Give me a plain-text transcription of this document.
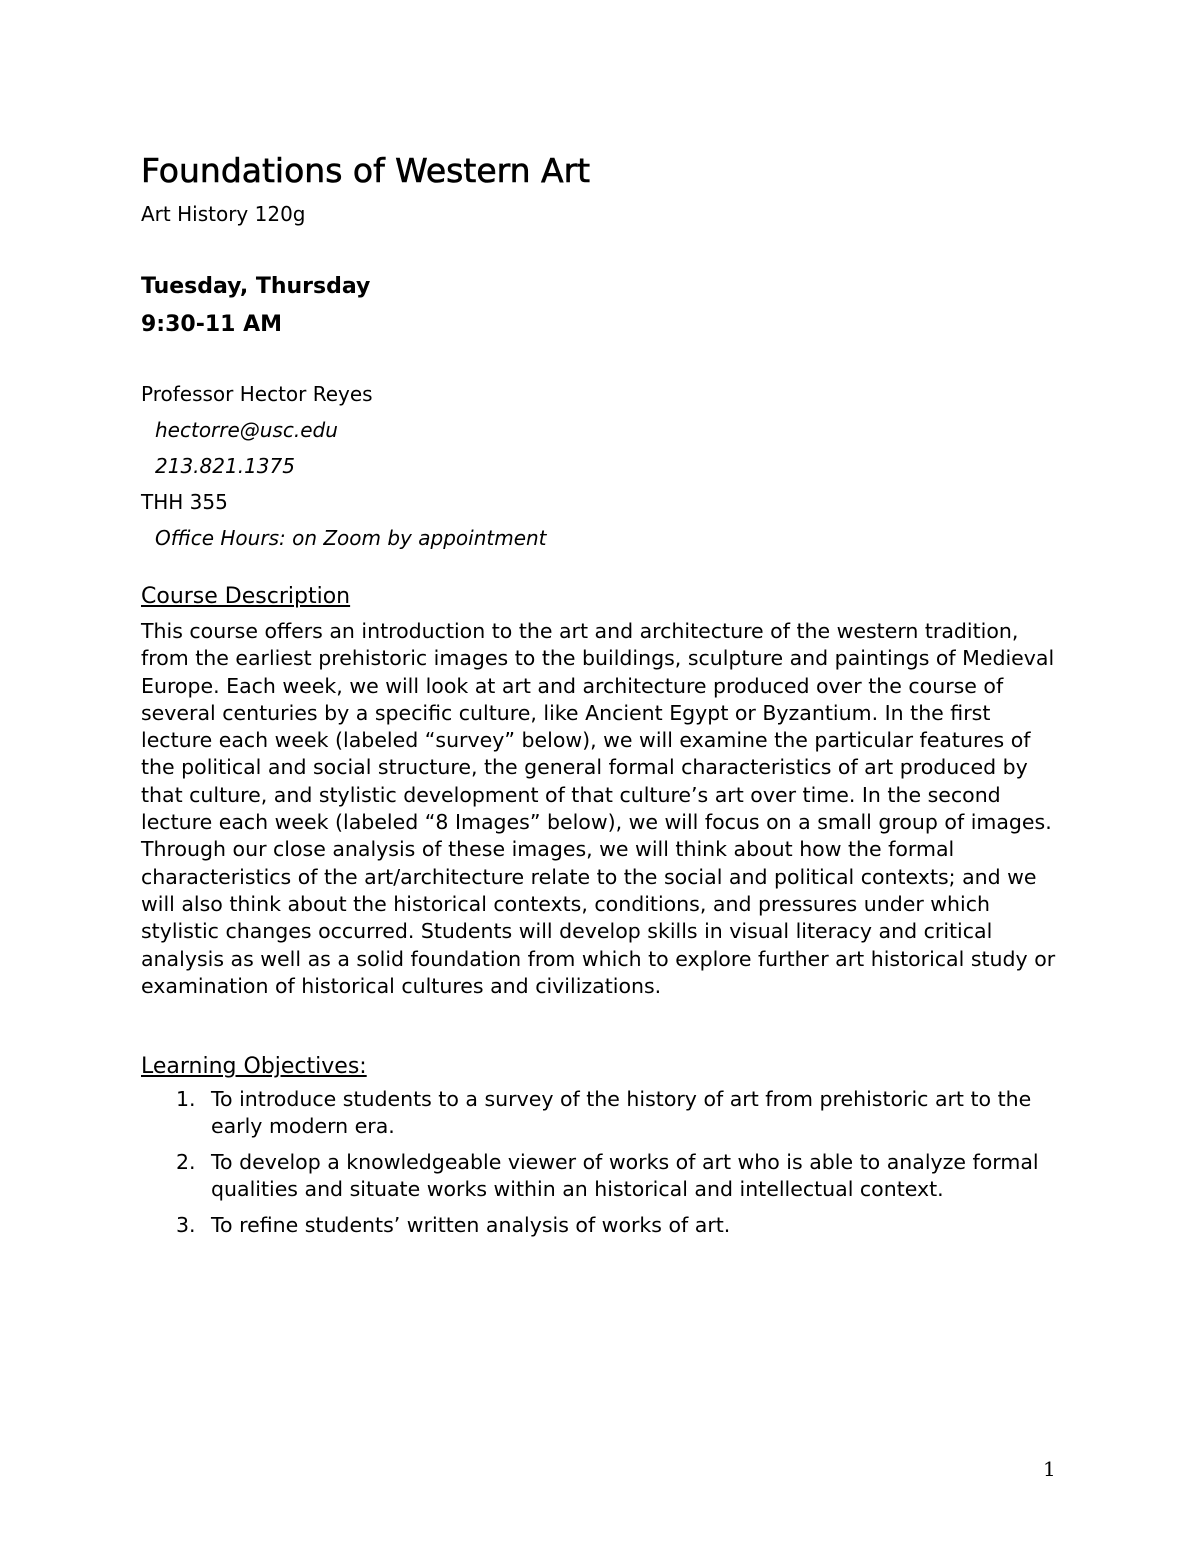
Foundations of Western Art
Art History 120g
Tuesday, Thursday
9:30-11 AM
Professor Hector Reyes
hectorre@usc.edu
213.821.1375
THH 355
Office Hours: on Zoom by appointment
Course Description
This course offers an introduction to the art and architecture of the western tradition, from the earliest prehistoric images to the buildings, sculpture and paintings of Medieval Europe. Each week, we will look at art and architecture produced over the course of several centuries by a specific culture, like Ancient Egypt or Byzantium. In the first lecture each week (labeled “survey” below), we will examine the particular features of the political and social structure, the general formal characteristics of art produced by that culture, and stylistic development of that culture’s art over time. In the second lecture each week (labeled “8 Images” below), we will focus on a small group of images. Through our close analysis of these images, we will think about how the formal characteristics of the art/architecture relate to the social and political contexts; and we will also think about the historical contexts, conditions, and pressures under which stylistic changes occurred. Students will develop skills in visual literacy and critical analysis as well as a solid foundation from which to explore further art historical study or examination of historical cultures and civilizations.
Learning Objectives:
1. To introduce students to a survey of the history of art from prehistoric art to the early modern era.
2. To develop a knowledgeable viewer of works of art who is able to analyze formal qualities and situate works within an historical and intellectual context.
3. To refine students’ written analysis of works of art.
1
